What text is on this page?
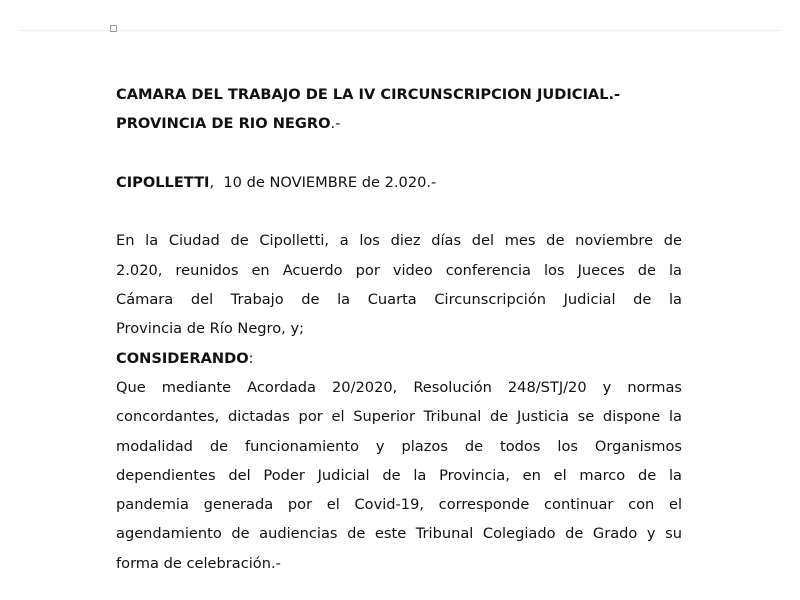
CAMARA DEL TRABAJO DE LA IV CIRCUNSCRIPCION JUDICIAL.-
PROVINCIA DE RIO NEGRO.-
CIPOLLETTI,  10 de NOVIEMBRE de 2.020.-
En la Ciudad de Cipolletti, a los diez días del mes de noviembre de
2.020, reunidos en Acuerdo por video conferencia los Jueces de la
Cámara del Trabajo de la Cuarta Circunscripción Judicial de la
Provincia de Río Negro, y;
CONSIDERANDO:
Que mediante Acordada 20/2020, Resolución 248/STJ/20 y normas
concordantes, dictadas por el Superior Tribunal de Justicia se dispone la
modalidad de funcionamiento y plazos de todos los Organismos
dependientes del Poder Judicial de la Provincia, en el marco de la
pandemia generada por el Covid-19, corresponde continuar con el
agendamiento de audiencias de este Tribunal Colegiado de Grado y su
forma de celebración.-
